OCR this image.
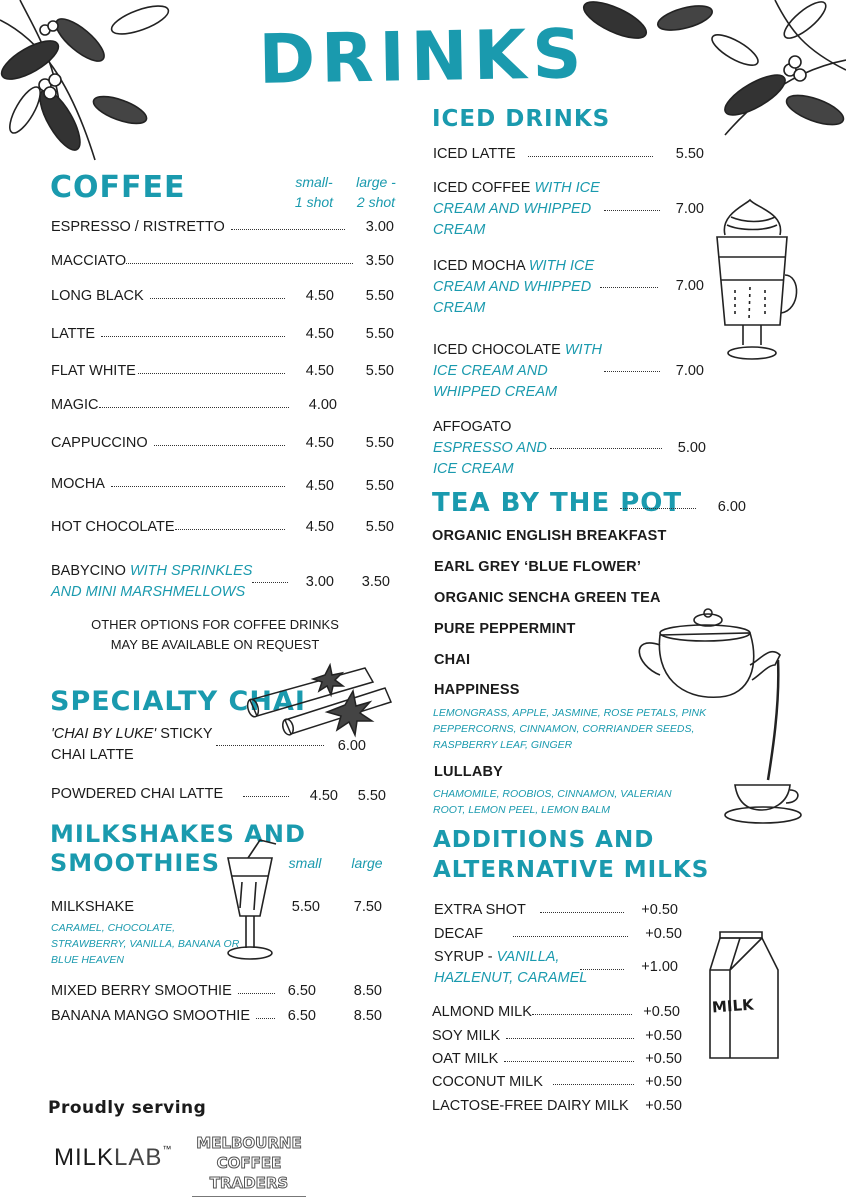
DRINKS
COFFEE	small-
1 shot
large -
2 shot
ESPRESSO / RISTRETTO	3.00
MACCIATO	3.50
LONG BLACK	4.50	5.50
LATTE	4.50	5.50
FLAT WHITE	4.50	5.50
MAGIC	4.00
CAPPUCCINO	4.50	5.50
MOCHA	4.50	5.50
HOT CHOCOLATE	4.50	5.50
BABYCINO WITH SPRINKLES
AND MINI MARSHMELLOWS
3.00	3.50
OTHER OPTIONS FOR COFFEE DRINKS
MAY BE AVAILABLE ON REQUEST
SPECIALTY CHAI
'CHAI BY LUKE' STICKY
CHAI LATTE
6.00
POWDERED CHAI LATTE	4.50	5.50
MILKSHAKES AND
SMOOTHIES	small	large
MILKSHAKE
CARAMEL, CHOCOLATE,
STRAWBERRY, VANILLA, BANANA OR
BLUE HEAVEN
5.50	7.50
MIXED BERRY SMOOTHIE	6.50	8.50
BANANA MANGO SMOOTHIE	6.50	8.50
Proudly serving
MILKLAB™	MELBOURNE
COFFEE TRADERS
ICED DRINKS
ICED LATTE	5.50
ICED COFFEE WITH ICE
CREAM AND WHIPPED
CREAM
7.00
ICED MOCHA WITH ICE
CREAM AND WHIPPED
CREAM
7.00
ICED CHOCOLATE WITH
ICE CREAM AND
WHIPPED CREAM
7.00
AFFOGATO
ESPRESSO AND
ICE CREAM
5.00
TEA BY THE POT	6.00
ORGANIC ENGLISH BREAKFAST
EARL GREY ‘BLUE FLOWER’
ORGANIC SENCHA GREEN TEA
PURE PEPPERMINT
CHAI
HAPPINESS
LEMONGRASS, APPLE, JASMINE, ROSE PETALS, PINK
PEPPERCORNS, CINNAMON, CORRIANDER SEEDS,
RASPBERRY LEAF, GINGER
LULLABY
CHAMOMILE, ROOBIOS, CINNAMON, VALERIAN
ROOT, LEMON PEEL, LEMON BALM
ADDITIONS AND
ALTERNATIVE MILKS
EXTRA SHOT	+0.50
DECAF	+0.50
SYRUP - VANILLA,
HAZLENUT, CARAMEL
+1.00
ALMOND MILK	+0.50
SOY MILK	+0.50
OAT MILK	+0.50
COCONUT MILK	+0.50
LACTOSE-FREE DAIRY MILK	+0.50
MILK
